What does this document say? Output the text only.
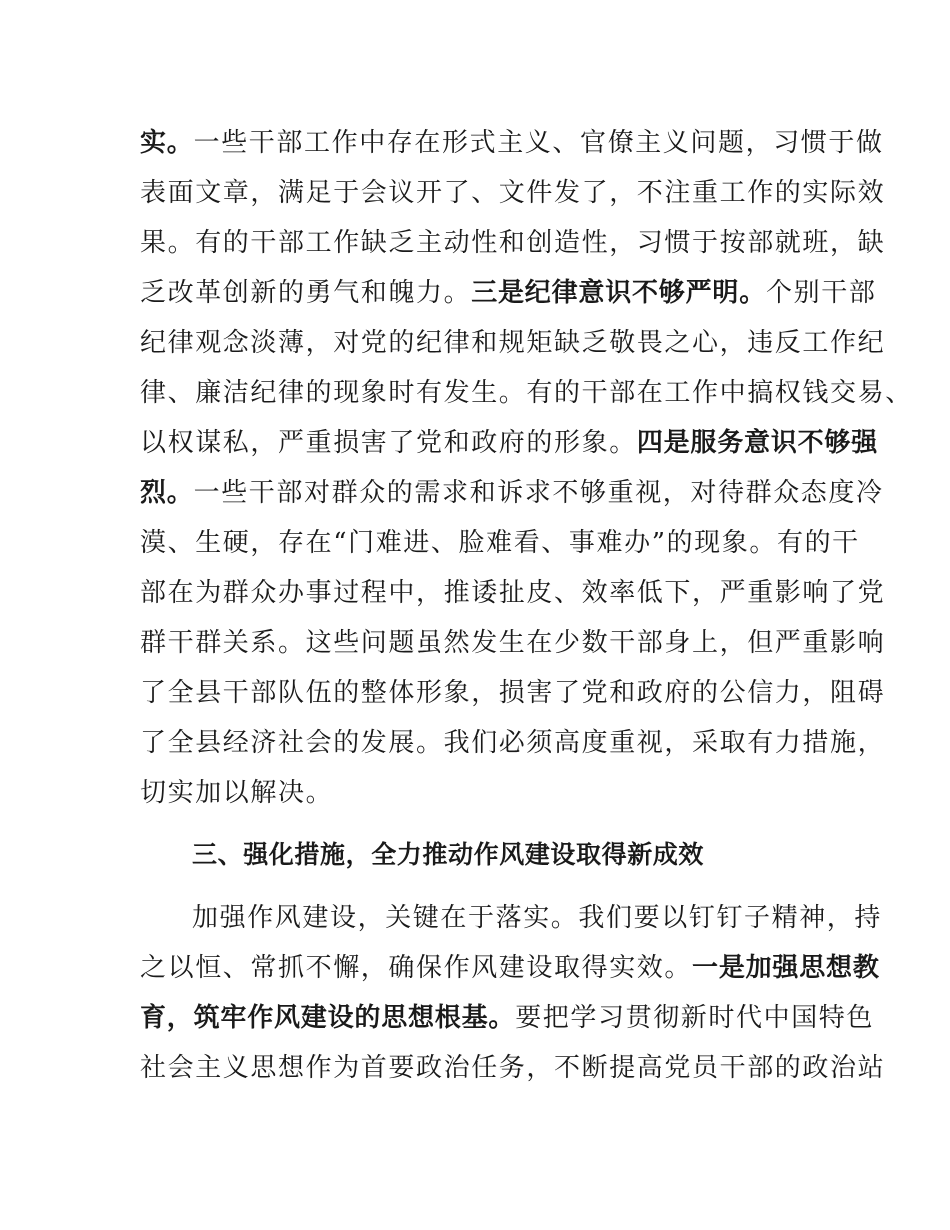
实。一些干部工作中存在形式主义、官僚主义问题，习惯于做
表面文章，满足于会议开了、文件发了，不注重工作的实际效
果。有的干部工作缺乏主动性和创造性，习惯于按部就班，缺
乏改革创新的勇气和魄力。三是纪律意识不够严明。个别干部
纪律观念淡薄，对党的纪律和规矩缺乏敬畏之心，违反工作纪
律、廉洁纪律的现象时有发生。有的干部在工作中搞权钱交易、
以权谋私，严重损害了党和政府的形象。四是服务意识不够强
烈。一些干部对群众的需求和诉求不够重视，对待群众态度冷
漠、生硬，存在“门难进、脸难看、事难办”的现象。有的干
部在为群众办事过程中，推诿扯皮、效率低下，严重影响了党
群干群关系。这些问题虽然发生在少数干部身上，但严重影响
了全县干部队伍的整体形象，损害了党和政府的公信力，阻碍
了全县经济社会的发展。我们必须高度重视，采取有力措施，
切实加以解决。
三、强化措施，全力推动作风建设取得新成效
加强作风建设，关键在于落实。我们要以钉钉子精神，持
之以恒、常抓不懈，确保作风建设取得实效。一是加强思想教
育，筑牢作风建设的思想根基。要把学习贯彻新时代中国特色
社会主义思想作为首要政治任务，不断提高党员干部的政治站
